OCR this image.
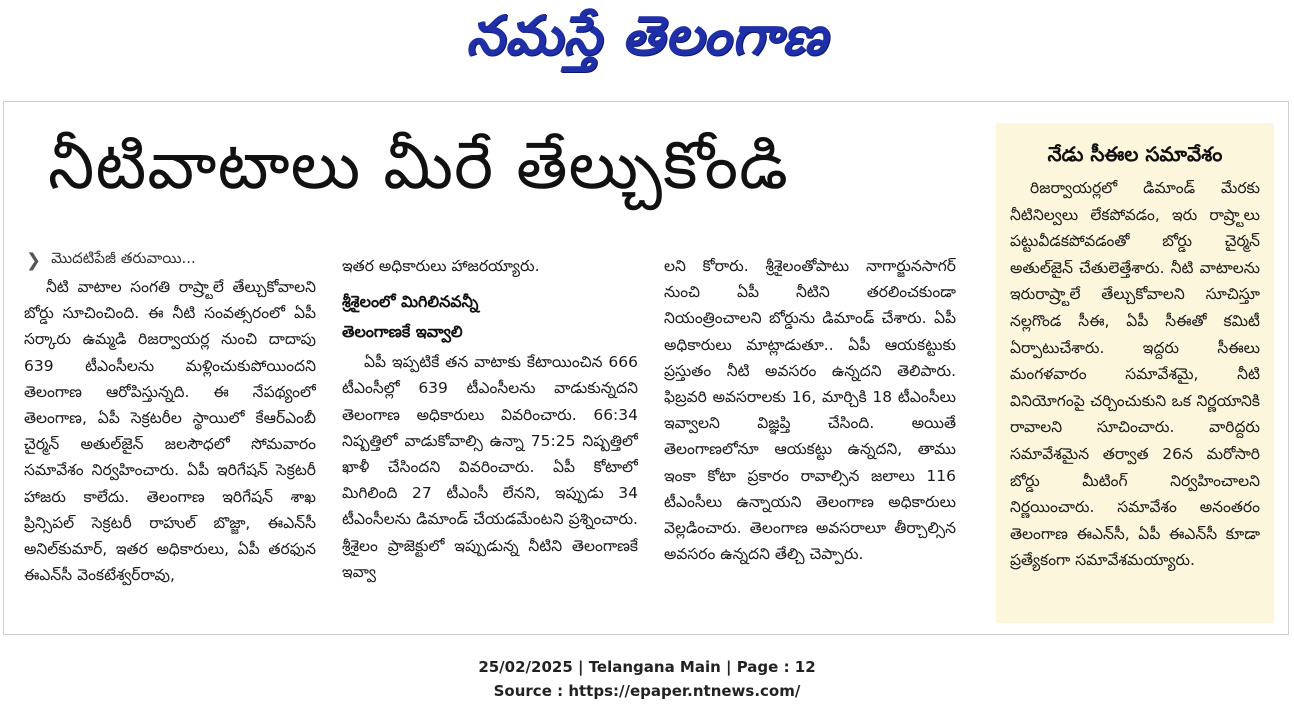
నమస్తే తెలంగాణ
నీటివాటాలు మీరే తేల్చుకోండి
❯ మొదటిపేజీ తరువాయి...

నీటి వాటాల సంగతి రాష్ర్టాలే తేల్చుకోవాలని బోర్డు సూచించింది. ఈ నీటి సంవత్సరంలో ఏపీ సర్కారు ఉమ్మడి రిజర్వాయర్ల నుంచి దాదాపు 639 టీఎంసీలను మళ్లించుకుపోయిందని తెలంగాణ ఆరోపిస్తున్నది. ఈ నేపథ్యంలో తెలంగాణ, ఏపీ సెక్రటరీల స్థాయిలో కేఆర్‌ఎంబీ చైర్మన్ అతుల్‌జైన్ జలసౌధలో సోమవారం సమావేశం నిర్వహించారు. ఏపీ ఇరిగేషన్ సెక్రటరీ హాజరు కాలేదు. తెలంగాణ ఇరిగేషన్ శాఖ ప్రిన్సిపల్ సెక్రటరీ రాహుల్ బొజ్జా, ఈఎన్‌సీ అనిల్‌కుమార్, ఇతర అధికారులు, ఏపీ తరఫున ఈఎన్‌సీ వెంకటేశ్వర్‌రావు,

ఇతర అధికారులు హాజరయ్యారు.

శ్రీశైలంలో మిగిలినవన్నీ
తెలంగాణకే ఇవ్వాలి

ఏపీ ఇప్పటికే తన వాటాకు కేటాయించిన 666 టీఎంసీల్లో 639 టీఎంసీలను వాడుకున్నదని తెలంగాణ అధికారులు వివరించారు. 66:34 నిష్పత్తిలో వాడుకోవాల్సి ఉన్నా 75:25 నిష్పత్తిలో ఖాళీ చేసిందని వివరించారు. ఏపీ కోటాలో మిగిలింది 27 టీఎంసీ లేనని, ఇప్పుడు 34 టీఎంసీలను డిమాండ్ చేయడమేంటని ప్రశ్నించారు. శ్రీశైలం ప్రాజెక్టులో ఇప్పుడున్న నీటిని తెలంగాణకే ఇవ్వా

లని కోరారు. శ్రీశైలంతోపాటు నాగార్జునసాగర్ నుంచి ఏపీ నీటిని తరలించకుండా నియంత్రించాలని బోర్డును డిమాండ్ చేశారు. ఏపీ అధికారులు మాట్లాడుతూ.. ఏపీ ఆయకట్టుకు ప్రస్తుతం నీటి అవసరం ఉన్నదని తెలిపారు. ఫిబ్రవరి అవసరాలకు 16, మార్చికి 18 టీఎంసీలు ఇవ్వాలని విజ్ఞప్తి చేసింది. అయితే తెలంగాణలోనూ ఆయకట్టు ఉన్నదని, తాము ఇంకా కోటా ప్రకారం రావాల్సిన జలాలు 116 టీఎంసీలు ఉన్నాయని తెలంగాణ అధికారులు వెల్లడించారు. తెలంగాణ అవసరాలూ తీర్చాల్సిన అవసరం ఉన్నదని తేల్చి చెప్పారు.

నేడు సీఈల సమావేశం

రిజర్వాయర్లలో డిమాండ్ మేరకు నీటినిల్వలు లేకపోవడం, ఇరు రాష్ర్టాలు పట్టువీడకపోవడంతో బోర్డు చైర్మన్ అతుల్‌జైన్ చేతులెత్తేశారు. నీటి వాటాలను ఇరురాష్ర్టాలే తేల్చుకోవాలని సూచిస్తూ నల్లగొండ సీఈ, ఏపీ సీఈతో కమిటీ ఏర్పాటుచేశారు. ఇద్దరు సీఈలు మంగళవారం సమావేశమై, నీటి వినియోగంపై చర్చించుకుని ఒక నిర్ణయానికి రావాలని సూచించారు. వారిద్దరు సమావేశమైన తర్వాత 26న మరోసారి బోర్డు మీటింగ్ నిర్వహించాలని నిర్ణయించారు. సమావేశం అనంతరం తెలంగాణ ఈఎన్‌సీ, ఏపీ ఈఎన్‌సీ కూడా ప్రత్యేకంగా సమావేశమయ్యారు.

25/02/2025 | Telangana Main | Page : 12
Source : https://epaper.ntnews.com/
